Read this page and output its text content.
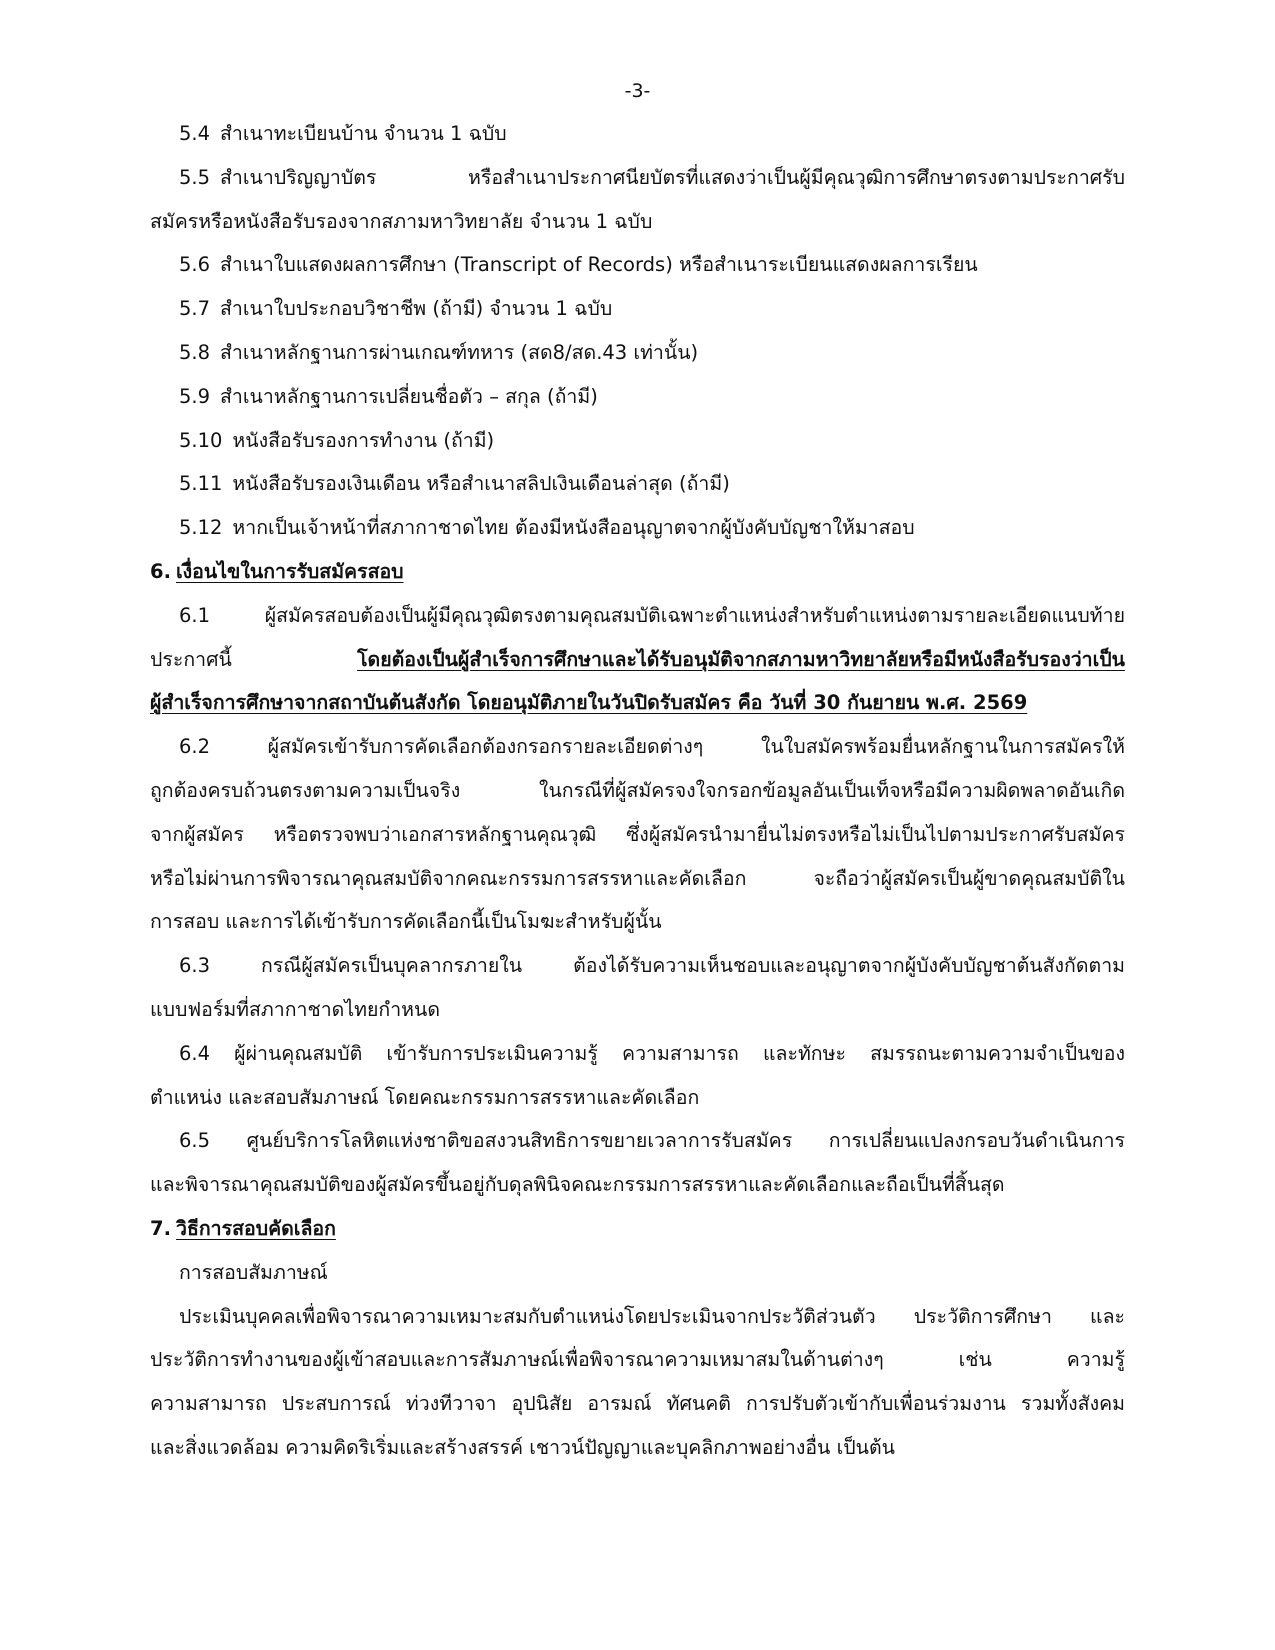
-3-
5.4 สำเนาทะเบียนบ้าน จำนวน 1 ฉบับ
5.5 สำเนาปริญญาบัตร หรือสำเนาประกาศนียบัตรที่แสดงว่าเป็นผู้มีคุณวุฒิการศึกษาตรงตามประกาศรับ
สมัครหรือหนังสือรับรองจากสภามหาวิทยาลัย จำนวน 1 ฉบับ
5.6 สำเนาใบแสดงผลการศึกษา (Transcript of Records) หรือสำเนาระเบียนแสดงผลการเรียน
5.7 สำเนาใบประกอบวิชาชีพ (ถ้ามี) จำนวน 1 ฉบับ
5.8 สำเนาหลักฐานการผ่านเกณฑ์ทหาร (สด8/สด.43 เท่านั้น)
5.9 สำเนาหลักฐานการเปลี่ยนชื่อตัว – สกุล (ถ้ามี)
5.10 หนังสือรับรองการทำงาน (ถ้ามี)
5.11 หนังสือรับรองเงินเดือน หรือสำเนาสลิปเงินเดือนล่าสุด (ถ้ามี)
5.12 หากเป็นเจ้าหน้าที่สภากาชาดไทย ต้องมีหนังสืออนุญาตจากผู้บังคับบัญชาให้มาสอบ
6. เงื่อนไขในการรับสมัครสอบ
6.1 ผู้สมัครสอบต้องเป็นผู้มีคุณวุฒิตรงตามคุณสมบัติเฉพาะตำแหน่งสำหรับตำแหน่งตามรายละเอียดแนบท้าย
ประกาศนี้ โดยต้องเป็นผู้สำเร็จการศึกษาและได้รับอนุมัติจากสภามหาวิทยาลัยหรือมีหนังสือรับรองว่าเป็น
ผู้สำเร็จการศึกษาจากสถาบันต้นสังกัด โดยอนุมัติภายในวันปิดรับสมัคร คือ วันที่ 30 กันยายน พ.ศ. 2569
6.2 ผู้สมัครเข้ารับการคัดเลือกต้องกรอกรายละเอียดต่างๆ ในใบสมัครพร้อมยื่นหลักฐานในการสมัครให้
ถูกต้องครบถ้วนตรงตามความเป็นจริง ในกรณีที่ผู้สมัครจงใจกรอกข้อมูลอันเป็นเท็จหรือมีความผิดพลาดอันเกิด
จากผู้สมัคร หรือตรวจพบว่าเอกสารหลักฐานคุณวุฒิ ซึ่งผู้สมัครนำมายื่นไม่ตรงหรือไม่เป็นไปตามประกาศรับสมัคร
หรือไม่ผ่านการพิจารณาคุณสมบัติจากคณะกรรมการสรรหาและคัดเลือก จะถือว่าผู้สมัครเป็นผู้ขาดคุณสมบัติใน
การสอบ และการได้เข้ารับการคัดเลือกนี้เป็นโมฆะสำหรับผู้นั้น
6.3 กรณีผู้สมัครเป็นบุคลากรภายใน ต้องได้รับความเห็นชอบและอนุญาตจากผู้บังคับบัญชาต้นสังกัดตาม
แบบฟอร์มที่สภากาชาดไทยกำหนด
6.4 ผู้ผ่านคุณสมบัติ เข้ารับการประเมินความรู้ ความสามารถ และทักษะ สมรรถนะตามความจำเป็นของ
ตำแหน่ง และสอบสัมภาษณ์ โดยคณะกรรมการสรรหาและคัดเลือก
6.5 ศูนย์บริการโลหิตแห่งชาติขอสงวนสิทธิการขยายเวลาการรับสมัคร การเปลี่ยนแปลงกรอบวันดำเนินการ
และพิจารณาคุณสมบัติของผู้สมัครขึ้นอยู่กับดุลพินิจคณะกรรมการสรรหาและคัดเลือกและถือเป็นที่สิ้นสุด
7. วิธีการสอบคัดเลือก
การสอบสัมภาษณ์
ประเมินบุคคลเพื่อพิจารณาความเหมาะสมกับตำแหน่งโดยประเมินจากประวัติส่วนตัว ประวัติการศึกษา และ
ประวัติการทำงานของผู้เข้าสอบและการสัมภาษณ์เพื่อพิจารณาความเหมาสมในด้านต่างๆ เช่น ความรู้
ความสามารถ ประสบการณ์ ท่วงทีวาจา อุปนิสัย อารมณ์ ทัศนคติ การปรับตัวเข้ากับเพื่อนร่วมงาน รวมทั้งสังคม
และสิ่งแวดล้อม ความคิดริเริ่มและสร้างสรรค์ เชาวน์ปัญญาและบุคลิกภาพอย่างอื่น เป็นต้น
